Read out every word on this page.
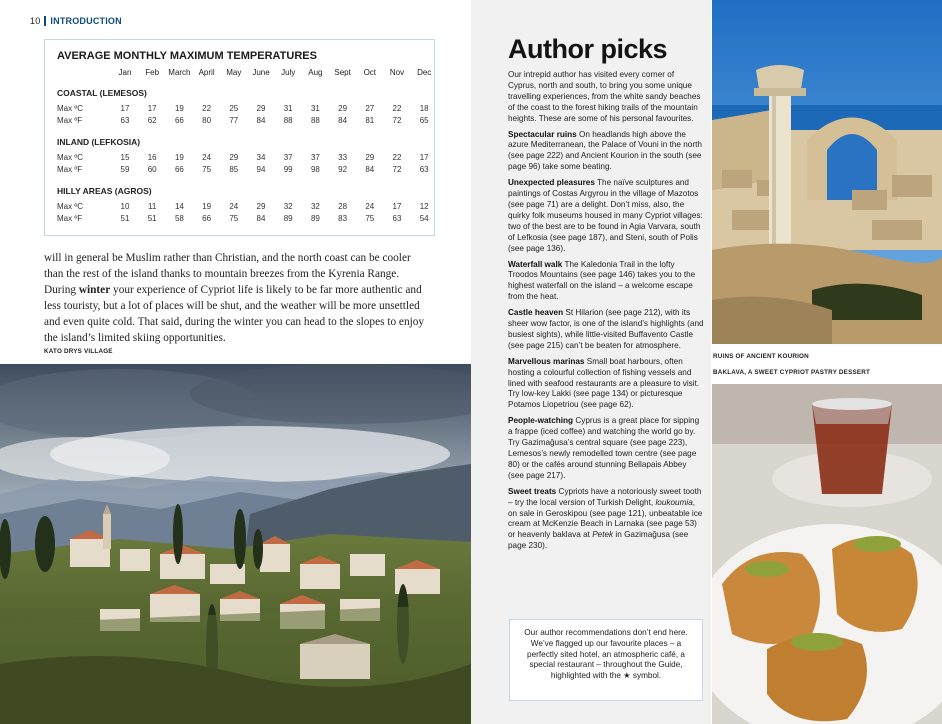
10 INTRODUCTION
AVERAGE MONTHLY MAXIMUM TEMPERATURES
Jan Feb March April May June July Aug Sept Oct Nov Dec
COASTAL (LEMESOS)
Max ºC	17 17 19 22 25 29 31 31 29 27 22 18
Max ºF	63 62 66 80 77 84 88 88 84 81 72 65
INLAND (LEFKOSIA)
Max ºC	15 16 19 24 29 34 37 37 33 29 22 17
Max ºF	59 60 66 75 85 94 99 98 92 84 72 63
HILLY AREAS (AGROS)
Max ºC	10 11 14 19 24 29 32 32 28 24 17 12
Max ºF	51 51 58 66 75 84 89 89 83 75 63 54
will in general be Muslim rather than Christian, and the north coast can be cooler
than the rest of the island thanks to mountain breezes from the Kyrenia Range.
During winter your experience of Cypriot life is likely to be far more authentic and
less touristy, but a lot of places will be shut, and the weather will be more unsettled
and even quite cold. That said, during the winter you can head to the slopes to enjoy
the island’s limited skiing opportunities.
KATO DRYS VILLAGE
Author picks

Our intrepid author has visited every corner of Cyprus, north and south, to bring you some unique travelling experiences, from the white sandy beaches of the coast to the forest hiking trails of the mountain heights. These are some of his personal favourites.

Spectacular ruins On headlands high above the azure Mediterranean, the Palace of Vouni in the north (see page 222) and Ancient Kourion in the south (see page 96) take some beating.

Unexpected pleasures The naïve sculptures and paintings of Costas Argyrou in the village of Mazotos (see page 71) are a delight. Don’t miss, also, the quirky folk museums housed in many Cypriot villages: two of the best are to be found in Agia Varvara, south of Lefkosia (see page 187), and Steni, south of Polis (see page 136).

Waterfall walk The Kaledonia Trail in the lofty Troodos Mountains (see page 146) takes you to the highest waterfall on the island – a welcome escape from the heat.

Castle heaven St Hilarion (see page 212), with its sheer wow factor, is one of the island’s highlights (and busiest sights), while little-visited Buffavento Castle (see page 215) can’t be beaten for atmosphere.

Marvellous marinas Small boat harbours, often hosting a colourful collection of fishing vessels and lined with seafood restaurants are a pleasure to visit. Try low-key Lakki (see page 134) or picturesque Potamos Liopetriou (see page 62).

People-watching Cyprus is a great place for sipping a frappe (iced coffee) and watching the world go by. Try Gazimağusa’s central square (see page 223), Lemesos’s newly remodelled town centre (see page 80) or the cafés around stunning Bellapais Abbey (see page 217).

Sweet treats Cypriots have a notoriously sweet tooth – try the local version of Turkish Delight, loukoumia, on sale in Geroskipou (see page 121), unbeatable ice cream at McKenzie Beach in Larnaka (see page 53) or heavenly baklava at Petek in Gazimağusa (see page 230).

Our author recommendations don’t end here. We’ve flagged up our favourite places – a perfectly sited hotel, an atmospheric café, a special restaurant – throughout the Guide, highlighted with the ★ symbol.
RUINS OF ANCIENT KOURION
BAKLAVA, A SWEET CYPRIOT PASTRY DESSERT
